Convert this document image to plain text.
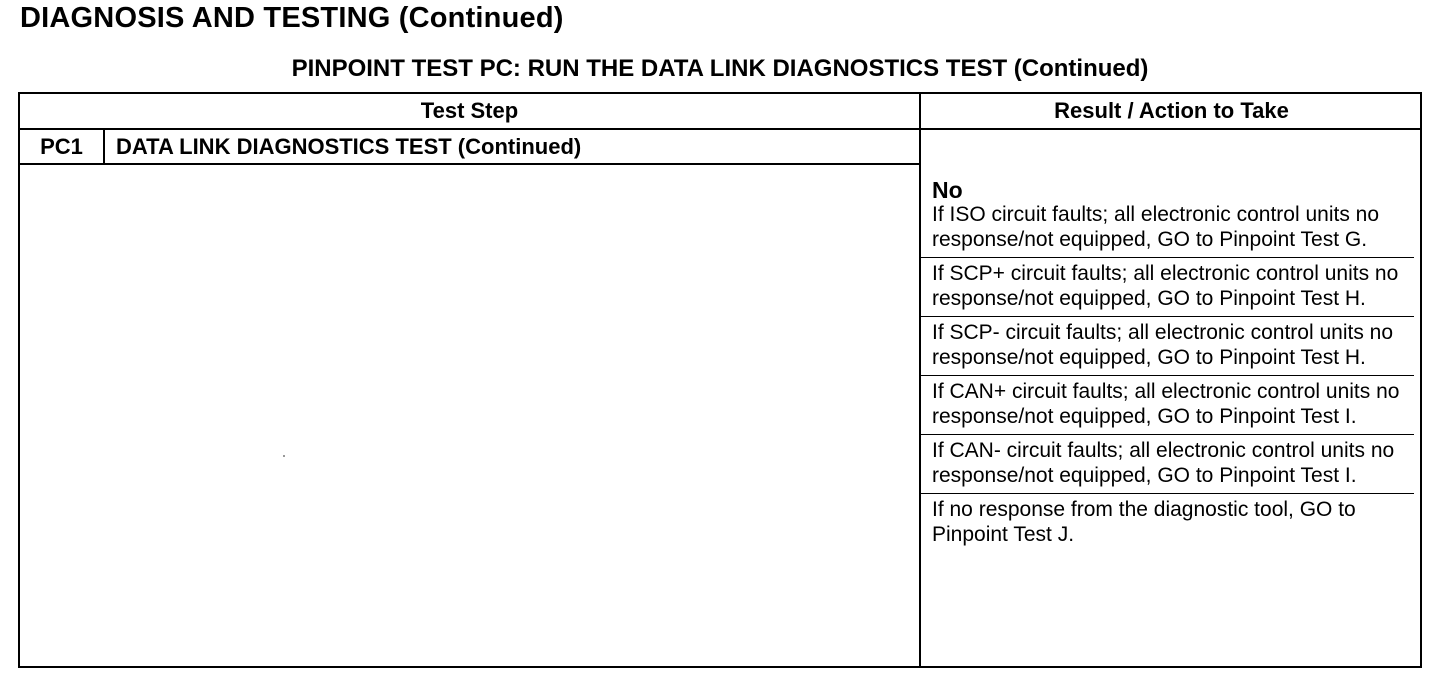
DIAGNOSIS AND TESTING (Continued)
PINPOINT TEST PC: RUN THE DATA LINK DIAGNOSTICS TEST (Continued)
Test Step	Result / Action to Take
PC1	DATA LINK DIAGNOSTICS TEST (Continued)

No

If ISO circuit faults; all electronic control units no response/not equipped, GO to Pinpoint Test G.

If SCP+ circuit faults; all electronic control units no response/not equipped, GO to Pinpoint Test H.

If SCP- circuit faults; all electronic control units no response/not equipped, GO to Pinpoint Test H.

If CAN+ circuit faults; all electronic control units no response/not equipped, GO to Pinpoint Test I.

If CAN- circuit faults; all electronic control units no response/not equipped, GO to Pinpoint Test I.

If no response from the diagnostic tool, GO to Pinpoint Test J.
